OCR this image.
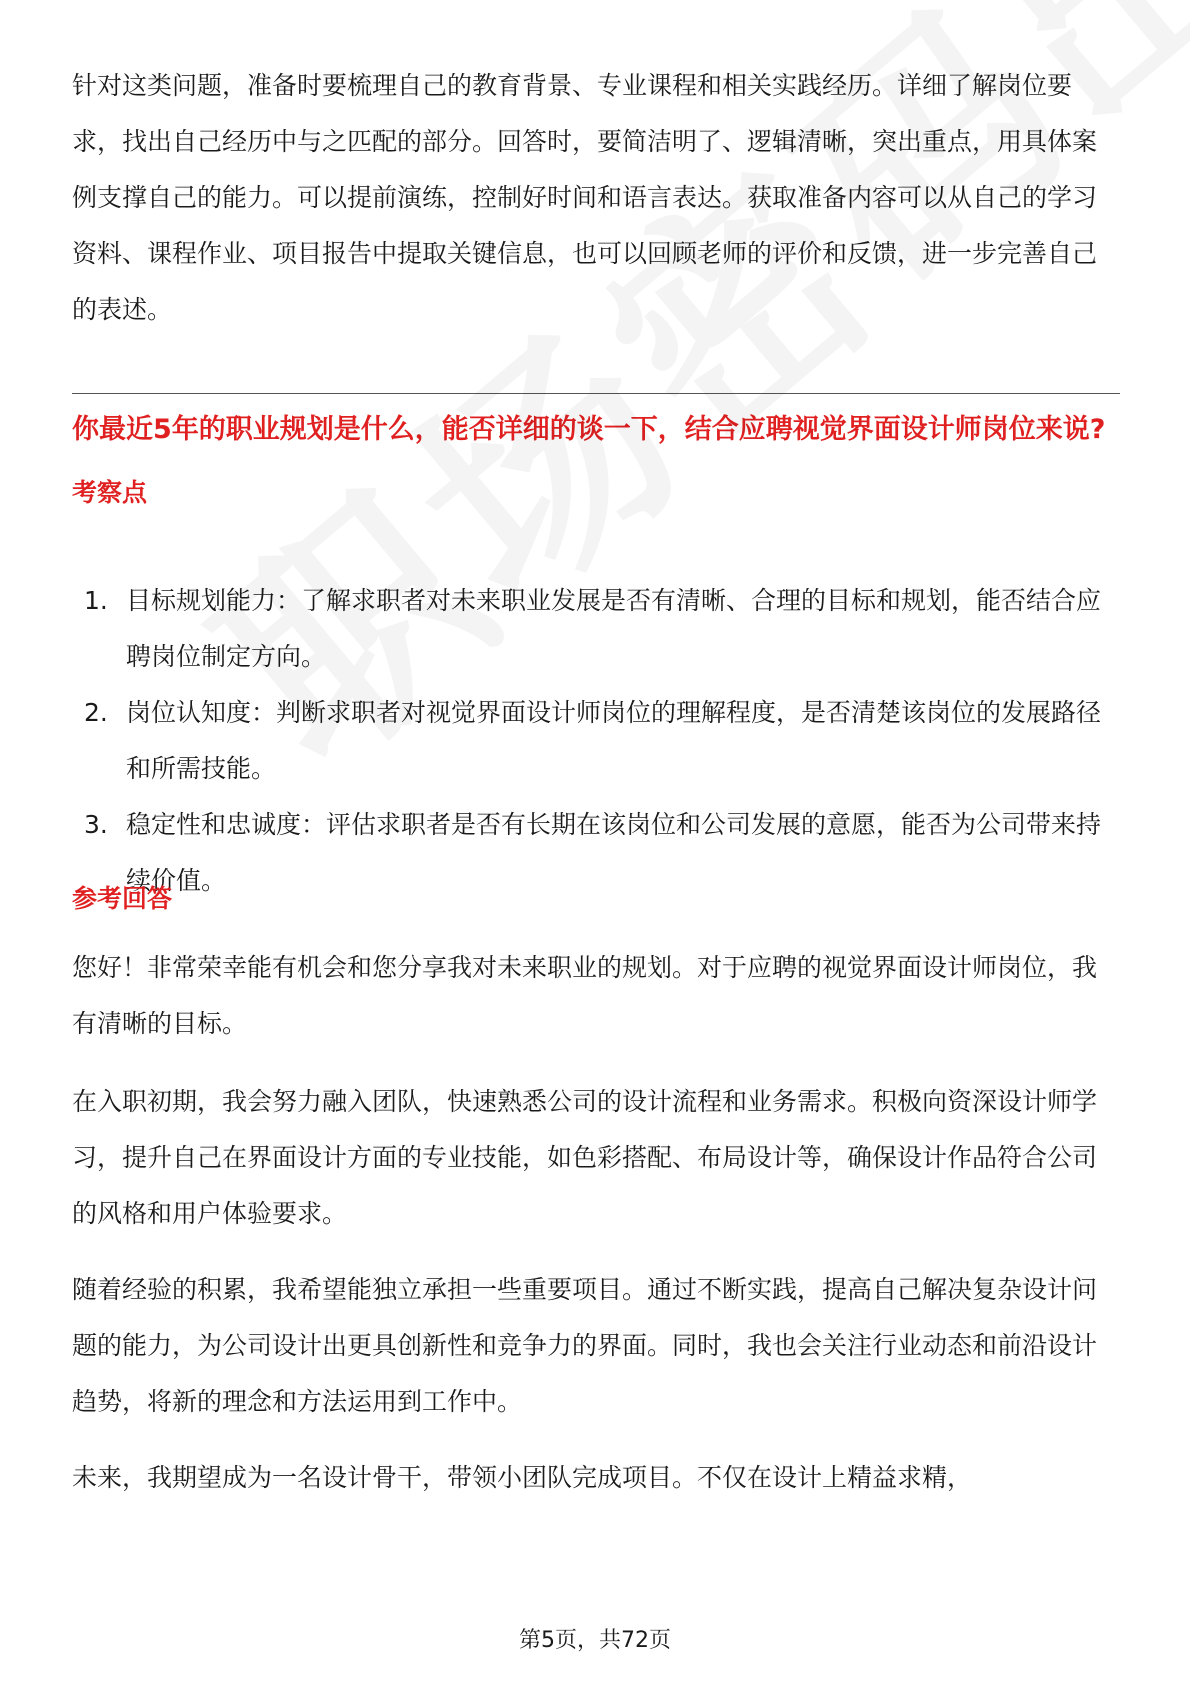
针对这类问题，准备时要梳理自己的教育背景、专业课程和相关实践经历。详细了解岗位要求，找出自己经历中与之匹配的部分。回答时，要简洁明了、逻辑清晰，突出重点，用具体案例支撑自己的能力。可以提前演练，控制好时间和语言表达。获取准备内容可以从自己的学习资料、课程作业、项目报告中提取关键信息，也可以回顾老师的评价和反馈，进一步完善自己的表述。

你最近5年的职业规划是什么，能否详细的谈一下，结合应聘视觉界面设计师岗位来说?
考察点
1. 目标规划能力：了解求职者对未来职业发展是否有清晰、合理的目标和规划，能否结合应聘岗位制定方向。
2. 岗位认知度：判断求职者对视觉界面设计师岗位的理解程度，是否清楚该岗位的发展路径和所需技能。
3. 稳定性和忠诚度：评估求职者是否有长期在该岗位和公司发展的意愿，能否为公司带来持续价值。
参考回答

您好！非常荣幸能有机会和您分享我对未来职业的规划。对于应聘的视觉界面设计师岗位，我有清晰的目标。

在入职初期，我会努力融入团队，快速熟悉公司的设计流程和业务需求。积极向资深设计师学习，提升自己在界面设计方面的专业技能，如色彩搭配、布局设计等，确保设计作品符合公司的风格和用户体验要求。

随着经验的积累，我希望能独立承担一些重要项目。通过不断实践，提高自己解决复杂设计问题的能力，为公司设计出更具创新性和竞争力的界面。同时，我也会关注行业动态和前沿设计趋势，将新的理念和方法运用到工作中。

未来，我期望成为一名设计骨干，带领小团队完成项目。不仅在设计上精益求精，

第5页，共72页
